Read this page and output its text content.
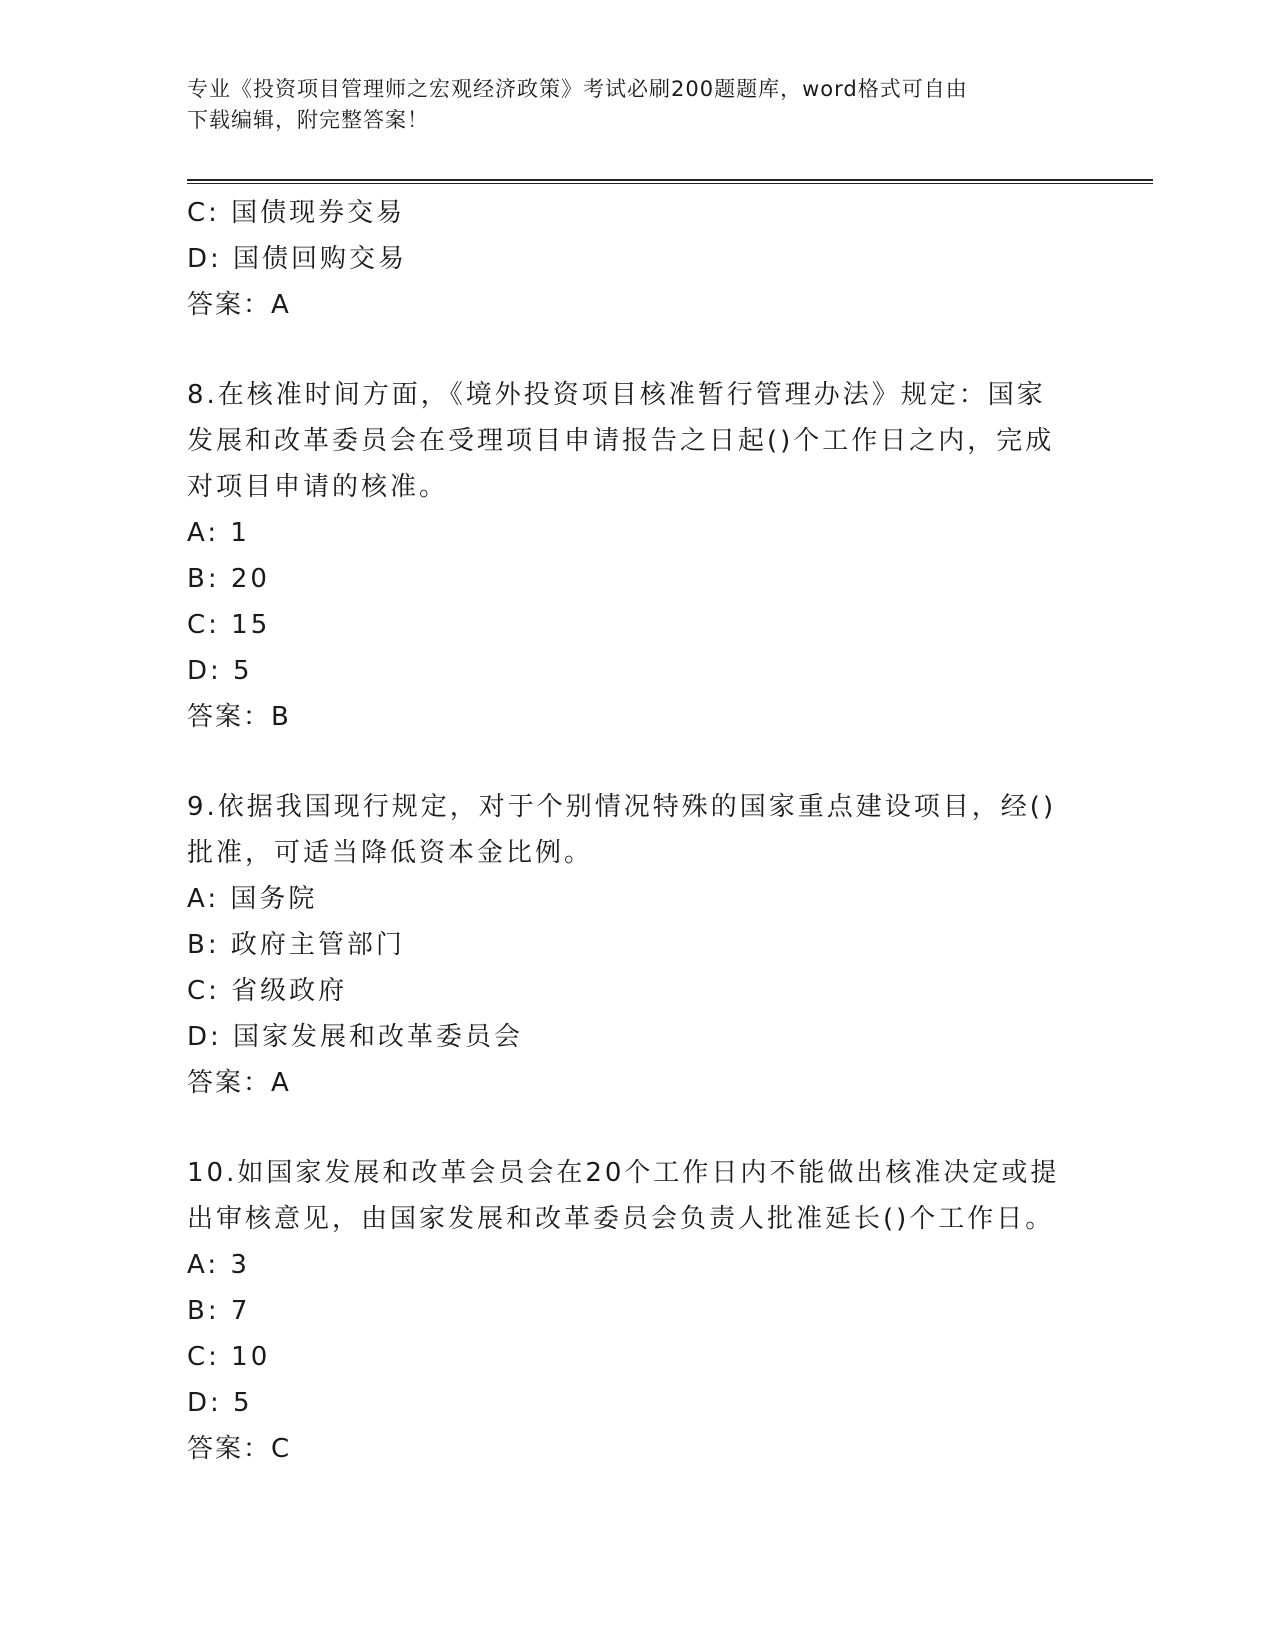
专业《投资项目管理师之宏观经济政策》考试必刷200题题库，word格式可自由
下载编辑，附完整答案！
C: 国债现券交易
D: 国债回购交易
答案：A
8.在核准时间方面，《境外投资项目核准暂行管理办法》规定：国家
发展和改革委员会在受理项目申请报告之日起()个工作日之内，完成
对项目申请的核准。
A: 1
B: 20
C: 15
D: 5
答案：B
9.依据我国现行规定，对于个别情况特殊的国家重点建设项目，经()
批准，可适当降低资本金比例。
A: 国务院
B: 政府主管部门
C: 省级政府
D: 国家发展和改革委员会
答案：A
10.如国家发展和改革会员会在20个工作日内不能做出核准决定或提
出审核意见，由国家发展和改革委员会负责人批准延长()个工作日。
A: 3
B: 7
C: 10
D: 5
答案：C
